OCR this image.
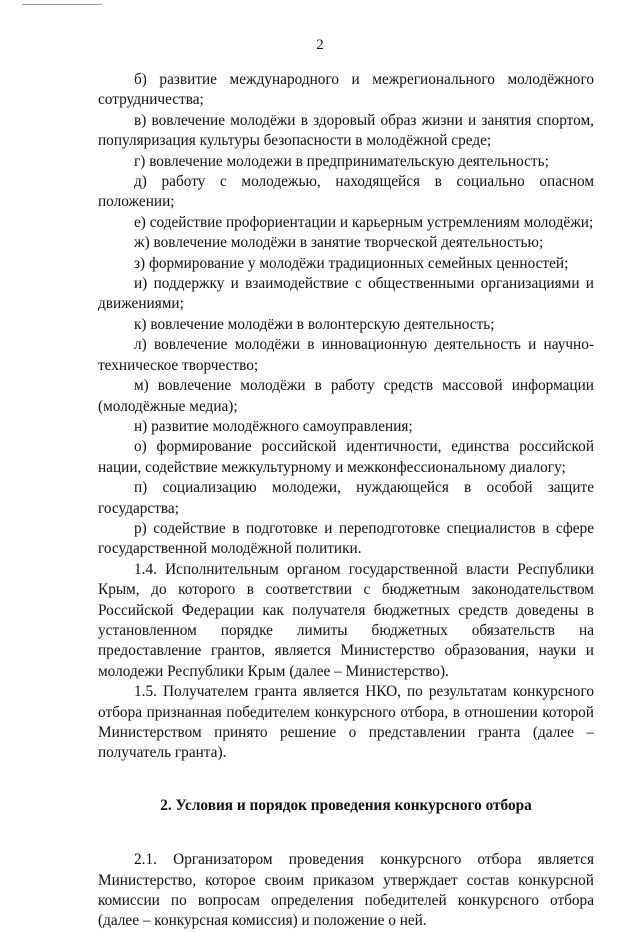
2

б) развитие международного и межрегионального молодёжного сотрудничества;

в) вовлечение молодёжи в здоровый образ жизни и занятия спортом, популяризация культуры безопасности в молодёжной среде;

г) вовлечение молодежи в предпринимательскую деятельность;

д) работу с молодежью, находящейся в социально опасном положении;

е) содействие профориентации и карьерным устремлениям молодёжи;

ж) вовлечение молодёжи в занятие творческой деятельностью;

з) формирование у молодёжи традиционных семейных ценностей;

и) поддержку и взаимодействие с общественными организациями и движениями;

к) вовлечение молодёжи в волонтерскую деятельность;

л) вовлечение молодёжи в инновационную деятельность и научно-техническое творчество;

м) вовлечение молодёжи в работу средств массовой информации (молодёжные медиа);

н) развитие молодёжного самоуправления;

о) формирование российской идентичности, единства российской нации, содействие межкультурному и межконфессиональному диалогу;

п) социализацию молодежи, нуждающейся в особой защите государства;

р) содействие в подготовке и переподготовке специалистов в сфере государственной молодёжной политики.

1.4. Исполнительным органом государственной власти Республики Крым, до которого в соответствии с бюджетным законодательством Российской Федерации как получателя бюджетных средств доведены в установленном порядке лимиты бюджетных обязательств на предоставление грантов, является Министерство образования, науки и молодежи Республики Крым (далее – Министерство).

1.5. Получателем гранта является НКО, по результатам конкурсного отбора признанная победителем конкурсного отбора, в отношении которой Министерством принято решение о представлении гранта (далее – получатель гранта).

2. Условия и порядок проведения конкурсного отбора

2.1. Организатором проведения конкурсного отбора является Министерство, которое своим приказом утверждает состав конкурсной комиссии по вопросам определения победителей конкурсного отбора (далее – конкурсная комиссия) и положение о ней.
